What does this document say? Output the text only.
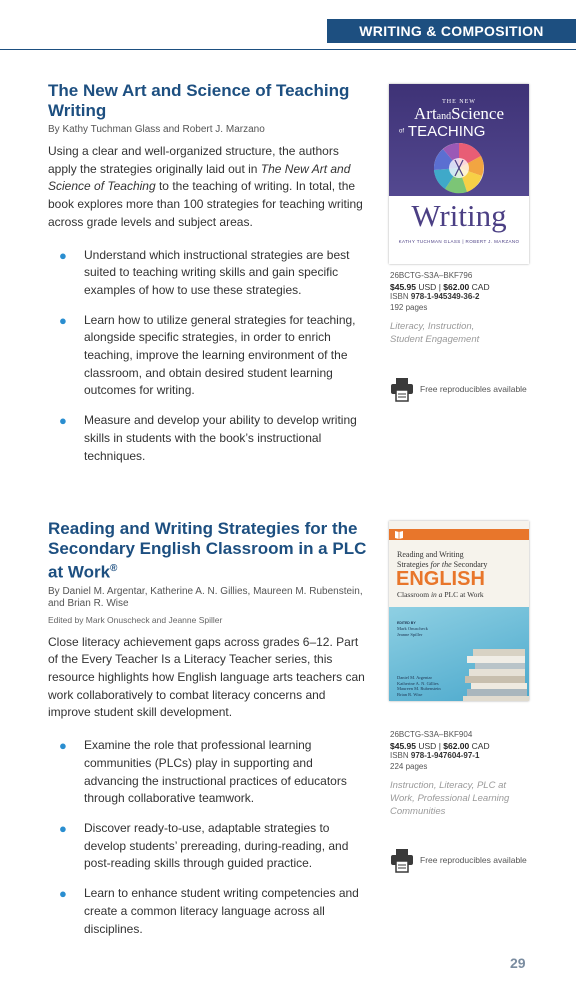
WRITING & COMPOSITION
The New Art and Science of Teaching Writing

By Kathy Tuchman Glass and Robert J. Marzano

Using a clear and well-organized structure, the authors apply the strategies originally laid out in The New Art and Science of Teaching to the teaching of writing. In total, the book explores more than 100 strategies for teaching writing across grade levels and subject areas.

● Understand which instructional strategies are best suited to teaching writing skills and gain specific examples of how to use these strategies.
● Learn how to utilize general strategies for teaching, alongside specific strategies, in order to enrich teaching, improve the learning environment of the classroom, and obtain desired student learning outcomes for writing.
● Measure and develop your ability to develop writing skills in students with the book’s instructional techniques.
THE NEW
ArtandScience
of TEACHING
Writing
KATHY TUCHMAN GLASS | ROBERT J. MARZANO
26BCTG-S3A–BKF796
$45.95 USD | $62.00 CAD
ISBN 978-1-945349-36-2
192 pages
Literacy, Instruction, Student Engagement
Free reproducibles available
Reading and Writing Strategies for the Secondary English Classroom in a PLC at Work®

By Daniel M. Argentar, Katherine A. N. Gillies, Maureen M. Rubenstein, and Brian R. Wise

Edited by Mark Onuscheck and Jeanne Spiller

Close literacy achievement gaps across grades 6–12. Part of the Every Teacher Is a Literacy Teacher series, this resource highlights how English language arts teachers can work collaboratively to combat literacy concerns and improve student skill development.

● Examine the role that professional learning communities (PLCs) play in supporting and advancing the instructional practices of educators through collaborative teamwork.
● Discover ready-to-use, adaptable strategies to develop students’ prereading, during-reading, and post-reading skills through guided practice.
● Learn to enhance student writing competencies and create a common literacy language across all disciplines.
Reading and Writing
Strategies for the Secondary
ENGLISH
Classroom in a PLC at Work
EDITED BY
Mark Onuscheck
Jeanne Spiller
Daniel M. Argentar
Katherine A. N. Gillies
Maureen M. Rubenstein
Brian R. Wise
26BCTG-S3A–BKF904
$45.95 USD | $62.00 CAD
ISBN 978-1-947604-97-1
224 pages
Instruction, Literacy, PLC at Work, Professional Learning Communities
Free reproducibles available
29
